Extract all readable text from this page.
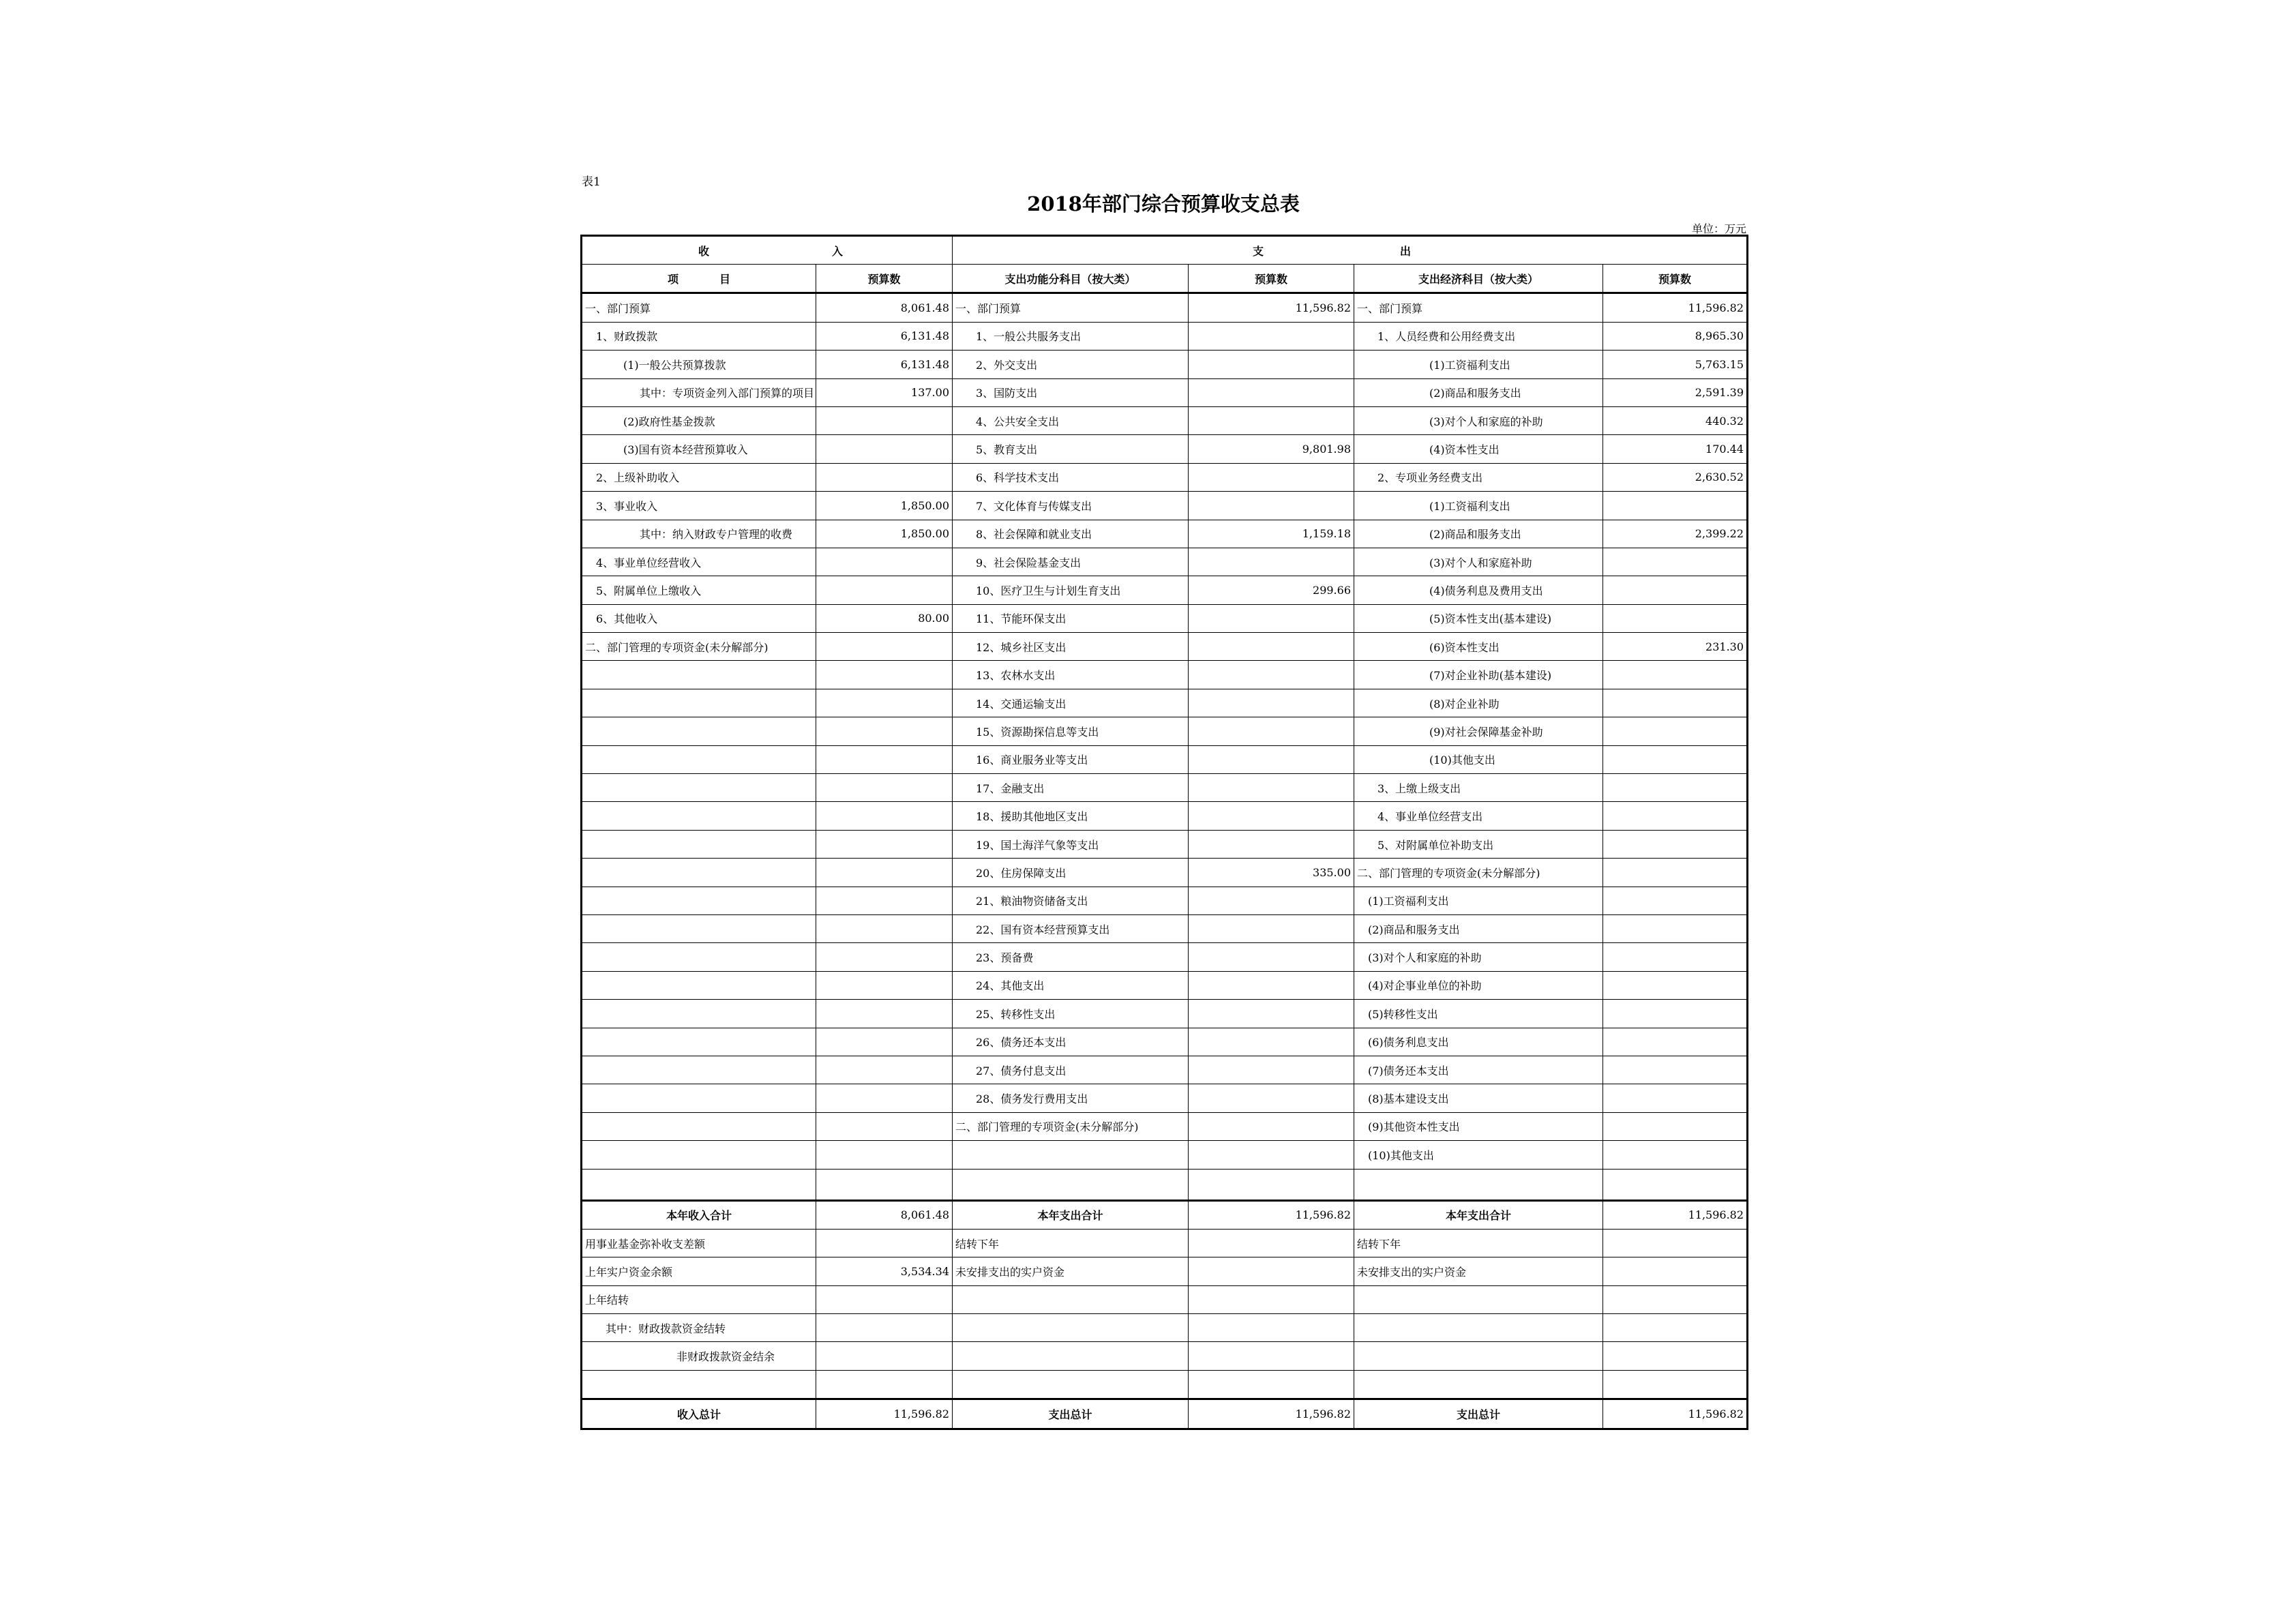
表1
2018年部门综合预算收支总表
单位：万元
收 入		支 出			
项 目	预算数	支出功能分科目（按大类）	预算数	支出经济科目（按大类）	预算数
一、部门预算	8,061.48	一、部门预算	11,596.82	一、部门预算	11,596.82
1、财政拨款	6,131.48	1、一般公共服务支出		1、人员经费和公用经费支出	8,965.30
(1)一般公共预算拨款	6,131.48	2、外交支出		(1)工资福利支出	5,763.15
其中：专项资金列入部门预算的项目	137.00	3、国防支出		(2)商品和服务支出	2,591.39
(2)政府性基金拨款		4、公共安全支出		(3)对个人和家庭的补助	440.32
(3)国有资本经营预算收入		5、教育支出	9,801.98	(4)资本性支出	170.44
2、上级补助收入		6、科学技术支出		2、专项业务经费支出	2,630.52
3、事业收入	1,850.00	7、文化体育与传媒支出		(1)工资福利支出	
其中：纳入财政专户管理的收费	1,850.00	8、社会保障和就业支出	1,159.18	(2)商品和服务支出	2,399.22
4、事业单位经营收入		9、社会保险基金支出		(3)对个人和家庭补助	
5、附属单位上缴收入		10、医疗卫生与计划生育支出	299.66	(4)债务利息及费用支出	
6、其他收入	80.00	11、节能环保支出		(5)资本性支出(基本建设)	
二、部门管理的专项资金(未分解部分)		12、城乡社区支出		(6)资本性支出	231.30
		13、农林水支出		(7)对企业补助(基本建设)	
		14、交通运输支出		(8)对企业补助	
		15、资源勘探信息等支出		(9)对社会保障基金补助	
		16、商业服务业等支出		(10)其他支出	
		17、金融支出		3、上缴上级支出	
		18、援助其他地区支出		4、事业单位经营支出	
		19、国土海洋气象等支出		5、对附属单位补助支出	
		20、住房保障支出	335.00	二、部门管理的专项资金(未分解部分)	
		21、粮油物资储备支出		(1)工资福利支出	
		22、国有资本经营预算支出		(2)商品和服务支出	
		23、预备费		(3)对个人和家庭的补助	
		24、其他支出		(4)对企事业单位的补助	
		25、转移性支出		(5)转移性支出	
		26、债务还本支出		(6)债务利息支出	
		27、债务付息支出		(7)债务还本支出	
		28、债务发行费用支出		(8)基本建设支出	
		二、部门管理的专项资金(未分解部分)		(9)其他资本性支出	
				(10)其他支出	

本年收入合计	8,061.48	本年支出合计	11,596.82	本年支出合计	11,596.82
用事业基金弥补收支差额		结转下年		结转下年	
上年实户资金余额	3,534.34	未安排支出的实户资金		未安排支出的实户资金	
上年结转					
其中：财政拨款资金结转					
非财政拨款资金结余					

收入总计	11,596.82	支出总计	11,596.82	支出总计	11,596.82
